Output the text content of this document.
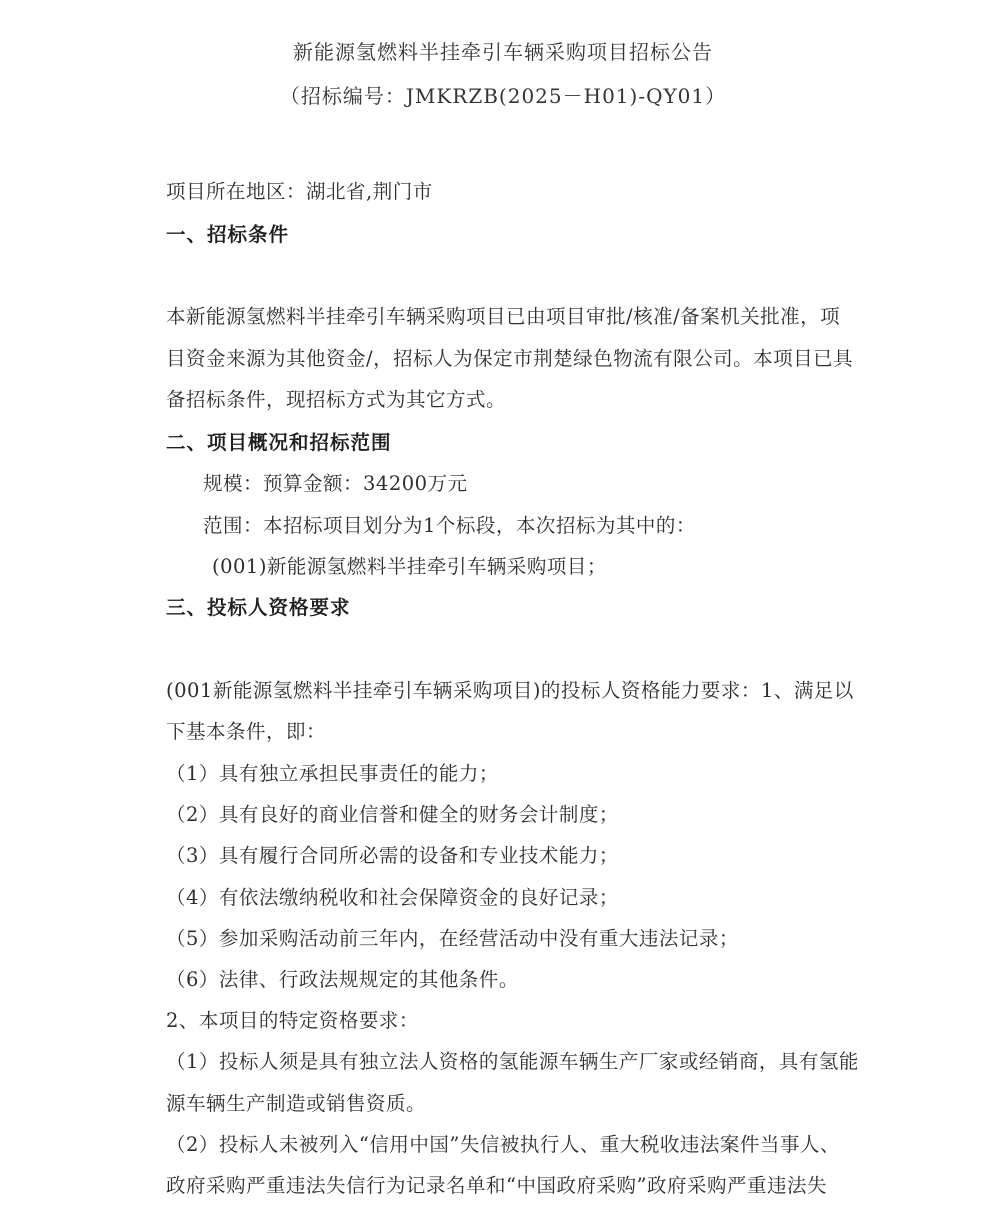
新能源氢燃料半挂牵引车辆采购项目招标公告
（招标编号：JMKRZB(2025－H01)-QY01）
项目所在地区：湖北省,荆门市
一、招标条件
本新能源氢燃料半挂牵引车辆采购项目已由项目审批/核准/备案机关批准，项
目资金来源为其他资金/，招标人为保定市荆楚绿色物流有限公司。本项目已具
备招标条件，现招标方式为其它方式。
二、项目概况和招标范围
规模：预算金额：34200万元
范围：本招标项目划分为1个标段，本次招标为其中的：
(001)新能源氢燃料半挂牵引车辆采购项目；
三、投标人资格要求
(001新能源氢燃料半挂牵引车辆采购项目)的投标人资格能力要求：1、满足以
下基本条件，即：
（1）具有独立承担民事责任的能力；
（2）具有良好的商业信誉和健全的财务会计制度；
（3）具有履行合同所必需的设备和专业技术能力；
（4）有依法缴纳税收和社会保障资金的良好记录；
（5）参加采购活动前三年内，在经营活动中没有重大违法记录；
（6）法律、行政法规规定的其他条件。
2、本项目的特定资格要求：
（1）投标人须是具有独立法人资格的氢能源车辆生产厂家或经销商，具有氢能
源车辆生产制造或销售资质。
（2）投标人未被列入“信用中国”失信被执行人、重大税收违法案件当事人、
政府采购严重违法失信行为记录名单和“中国政府采购”政府采购严重违法失
